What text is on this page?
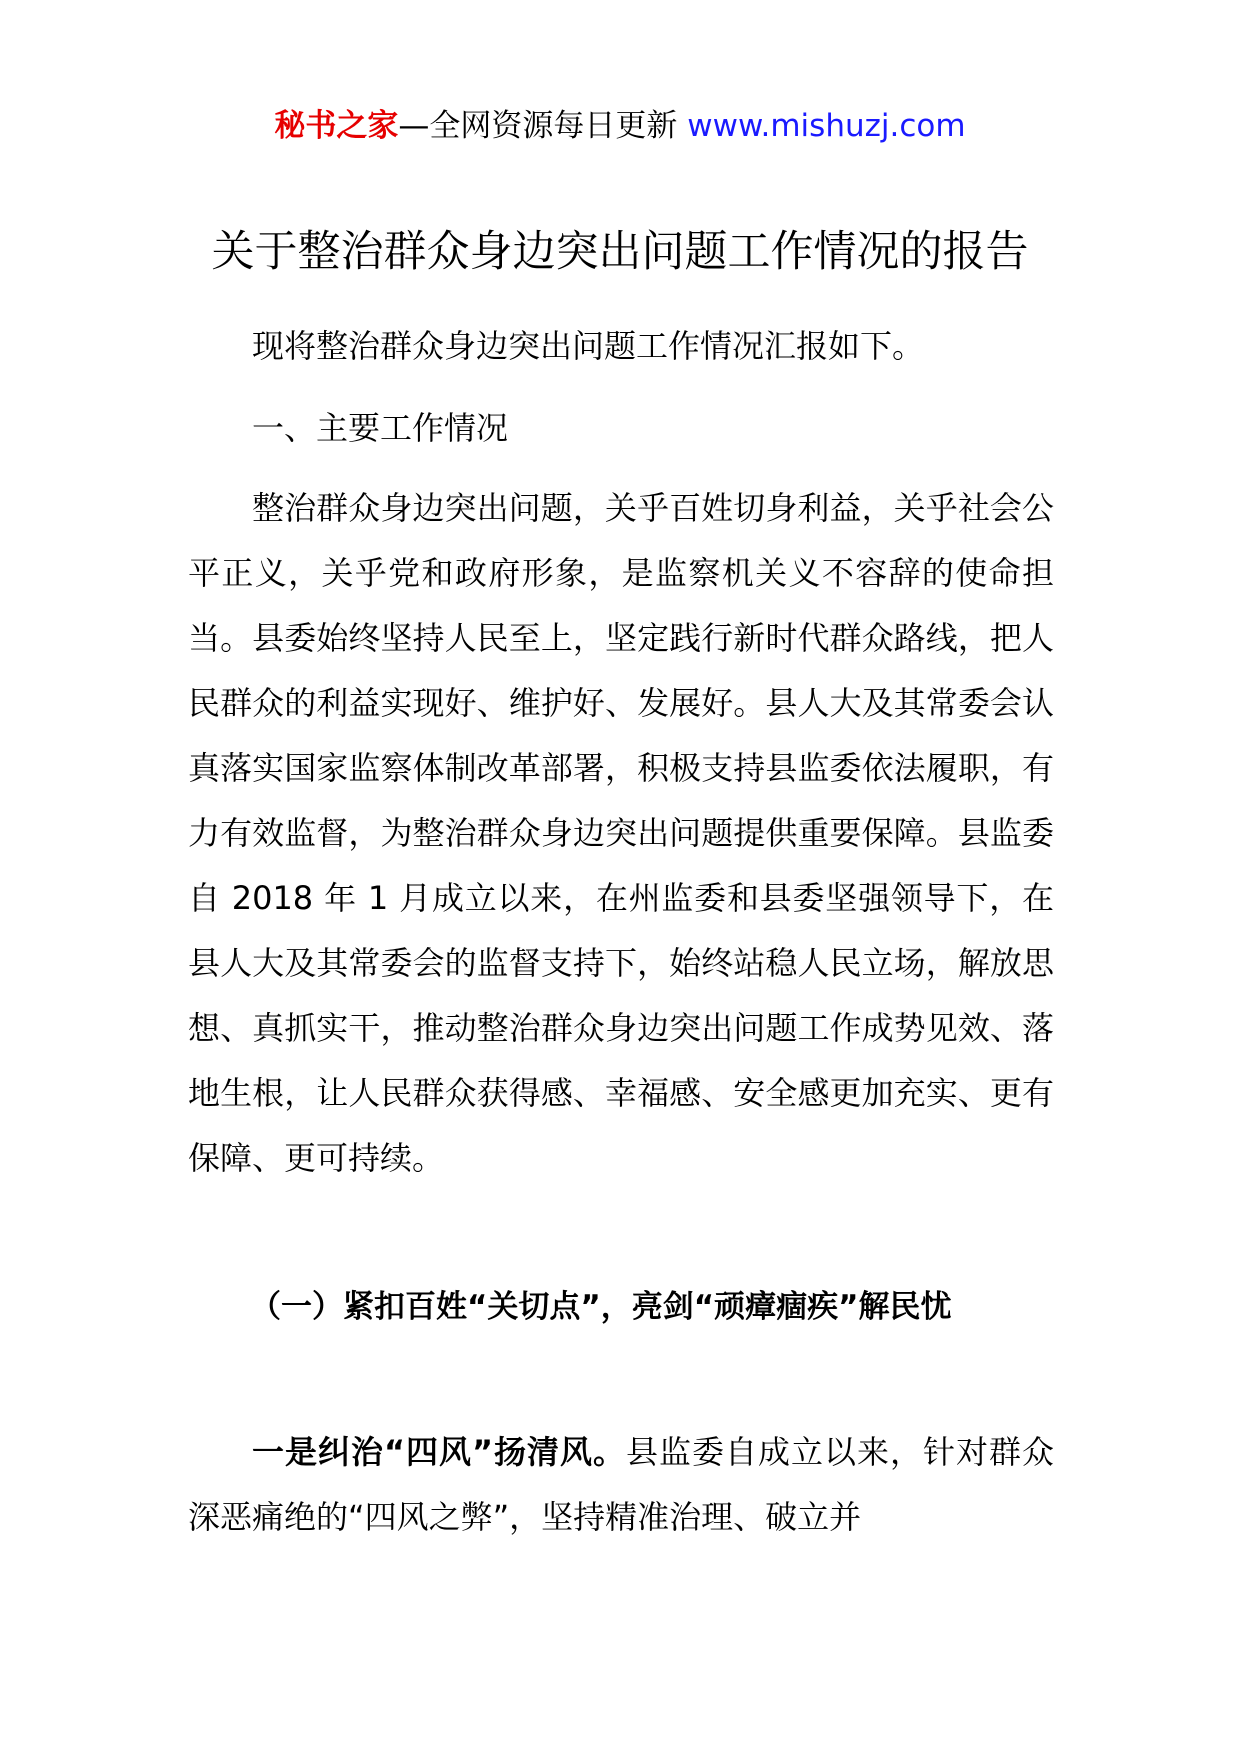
秘书之家—全网资源每日更新 www.mishuzj.com
关于整治群众身边突出问题工作情况的报告
现将整治群众身边突出问题工作情况汇报如下。
一、主要工作情况
整治群众身边突出问题，关乎百姓切身利益，关乎社会公平正义，关乎党和政府形象，是监察机关义不容辞的使命担当。县委始终坚持人民至上，坚定践行新时代群众路线，把人民群众的利益实现好、维护好、发展好。县人大及其常委会认真落实国家监察体制改革部署，积极支持县监委依法履职，有力有效监督，为整治群众身边突出问题提供重要保障。县监委自 2018 年 1 月成立以来，在州监委和县委坚强领导下，在县人大及其常委会的监督支持下，始终站稳人民立场，解放思想、真抓实干，推动整治群众身边突出问题工作成势见效、落地生根，让人民群众获得感、幸福感、安全感更加充实、更有保障、更可持续。
（一）紧扣百姓“关切点”，亮剑“顽瘴痼疾”解民忧
一是纠治“四风”扬清风。县监委自成立以来，针对群众深恶痛绝的“四风之弊”，坚持精准治理、破立并
